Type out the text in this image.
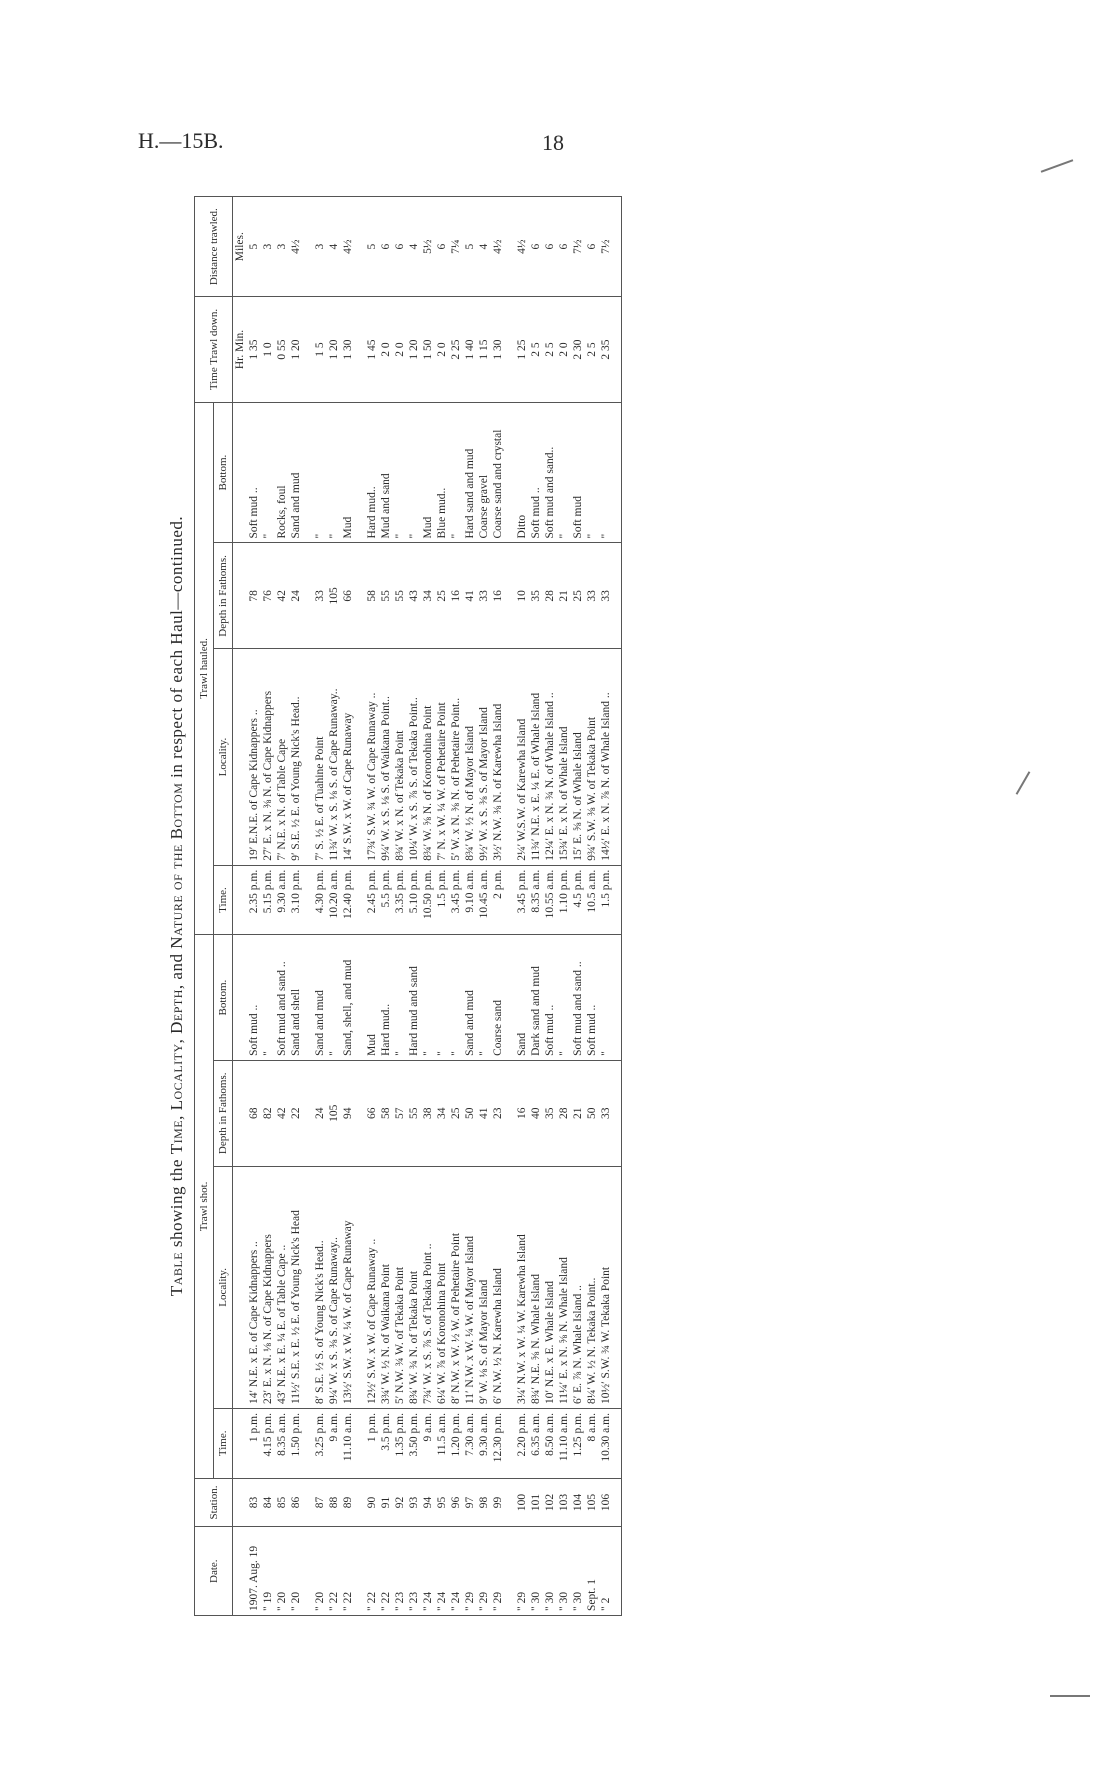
H.—15B.	18
Table showing the Time, Locality, Depth, and Nature of the Bottom in respect of each Haul—continued.
Date.	Station.	Trawl shot.				Trawl hauled.				Time Trawl down.	Distance trawled.
		Time.	Locality.	Depth in Fathoms.	Bottom.	Time.	Locality.	Depth in Fathoms.	Bottom.		
										Hr. Min.	Miles.
1907. Aug. 19	83	1 p.m.	14′ N.E. x E. of Cape Kidnappers ..	68	Soft mud ..	2.35 p.m.	19′ E.N.E. of Cape Kidnappers ..	78	Soft mud ..	1 35	5
" 19	84	4.15 p.m.	23′ E. x N. ⅛ N. of Cape Kidnappers	82	"	5.15 p.m.	27′ E. x N. ⅜ N. of Cape Kidnappers	76	"	1 0	3
" 20	85	8.35 a.m.	43′ N.E. x E. ¼ E. of Table Cape ..	42	Soft mud and sand ..	9.30 a.m.	7′ N.E. x N. of Table Cape	42	Rocks, foul	0 55	3
" 20	86	1.50 p.m.	11½′ S.E. x E. ½ E. of Young Nick's Head	22	Sand and shell	3.10 p.m.	9′ S.E. ½ E. of Young Nick's Head..	24	Sand and mud	1 20	4½
" 20	87	3.25 p.m.	8′ S.E. ½ S. of Young Nick's Head..	24	Sand and mud	4.30 p.m.	7′ S. ½ E. of Tuahine Point	33	"	1 5	3
" 22	88	9 a.m.	9¼′ W. x S. ⅜ S. of Cape Runaway..	105	"	10.20 a.m.	11¾′ W. x S. ⅛ S. of Cape Runaway..	105	"	1 20	4
" 22	89	11.10 a.m.	13½′ S.W. x W. ¼ W. of Cape Runaway	94	Sand, shell, and mud	12.40 p.m.	14′ S.W. x W. of Cape Runaway	66	Mud	1 30	4½
" 22	90	1 p.m.	12½′ S.W. x W. of Cape Runaway ..	66	Mud	2.45 p.m.	17¾′ S.W. ¾ W. of Cape Runaway ..	58	Hard mud..	1 45	5
" 22	91	3.5 p.m.	3¾′ W. ½ N. of Waikana Point	58	Hard mud..	5.5 p.m.	9¼′ W. x S. ⅛ S. of Waikana Point..	55	Mud and sand	2 0	6
" 23	92	1.35 p.m.	5′ N.W. ¾ W. of Tekaka Point	57	"	3.35 p.m.	8¾′ W. x N. of Tekaka Point	55	"	2 0	6
" 23	93	3.50 p.m.	8¾′ W. ¾ N. of Tekaka Point	55	Hard mud and sand	5.10 p.m.	10¼′ W. x S. ⅞ S. of Tekaka Point..	43	"	1 20	4
" 24	94	9 a.m.	7¾′ W. x S. ⅞ S. of Tekaka Point ..	38	"	10.50 p.m.	8¾′ W. ⅝ N. of Koronohina Point	34	Mud	1 50	5½
" 24	95	11.5 a.m.	6¼′ W. ⅞ of Koronohina Point	34	"	1.5 p.m.	7′ N. x W. ¼ W. of Pehetaire Point	25	Blue mud..	2 0	6
" 24	96	1.20 p.m.	8′ N.W. x W. ½ W. of Pehetaire Point	25	"	3.45 p.m.	5′ W. x N. ⅜ N. of Pehetaire Point..	16	"	2 25	7¼
" 29	97	7.30 a.m.	11′ N.W. x W. ¼ W. of Mayor Island	50	Sand and mud	9.10 a.m.	8¾′ W. ½ N. of Mayor Island	41	Hard sand and mud	1 40	5
" 29	98	9.30 a.m.	9′ W. ⅛ S. of Mayor Island	41	"	10.45 a.m.	9½′ W. x S. ⅜ S. of Mayor Island	33	Coarse gravel	1 15	4
" 29	99	12.30 p.m.	6′ N.W. ½ N. Karewha Island	23	Coarse sand	2 p.m.	3½′ N.W. ⅜ N. of Karewha Island	16	Coarse sand and crystal	1 30	4½
" 29	100	2.20 p.m.	3¼′ N.W. x W. ¼ W. Karewha Island	16	Sand	3.45 p.m.	2¼′ W.S.W. of Karewha Island	10	Ditto	1 25	4½
" 30	101	6.35 a.m.	8¾′ N.E. ⅝ N. Whale Island	40	Dark sand and mud	8.35 a.m.	11¾′ N.E. x E. ¼ E. of Whale Island	35	Soft mud ..	2 5	6
" 30	102	8.50 a.m.	10′ N.E. x E. Whale Island	35	Soft mud ..	10.55 a.m.	12¼′ E. x N. ¾ N. of Whale Island ..	28	Soft mud and sand..	2 5	6
" 30	103	11.10 a.m.	11¼′ E. x N. ⅝ N. Whale Island	28	"	1.10 p.m.	15¾′ E. x N. of Whale Island	21	"	2 0	6
" 30	104	1.25 p.m.	6′ E. ⅞ N. Whale Island ..	21	Soft mud and sand ..	4.5 p.m.	15′ E. ⅝ N. of Whale Island	25	Soft mud	2 30	7½
Sept. 1	105	8 a.m.	8¼′ W. ½ N. Tekaka Point..	50	Soft mud ..	10.5 a.m.	9¾′ S.W. ⅜ W. of Tekaka Point	33	"	2 5	6
" 2	106	10.30 a.m.	10½′ S.W. ¾ W. Tekaka Point	33	"	1.5 p.m.	14½′ E. x N. ⅞ N. of Whale Island ..	33	"	2 35	7½
